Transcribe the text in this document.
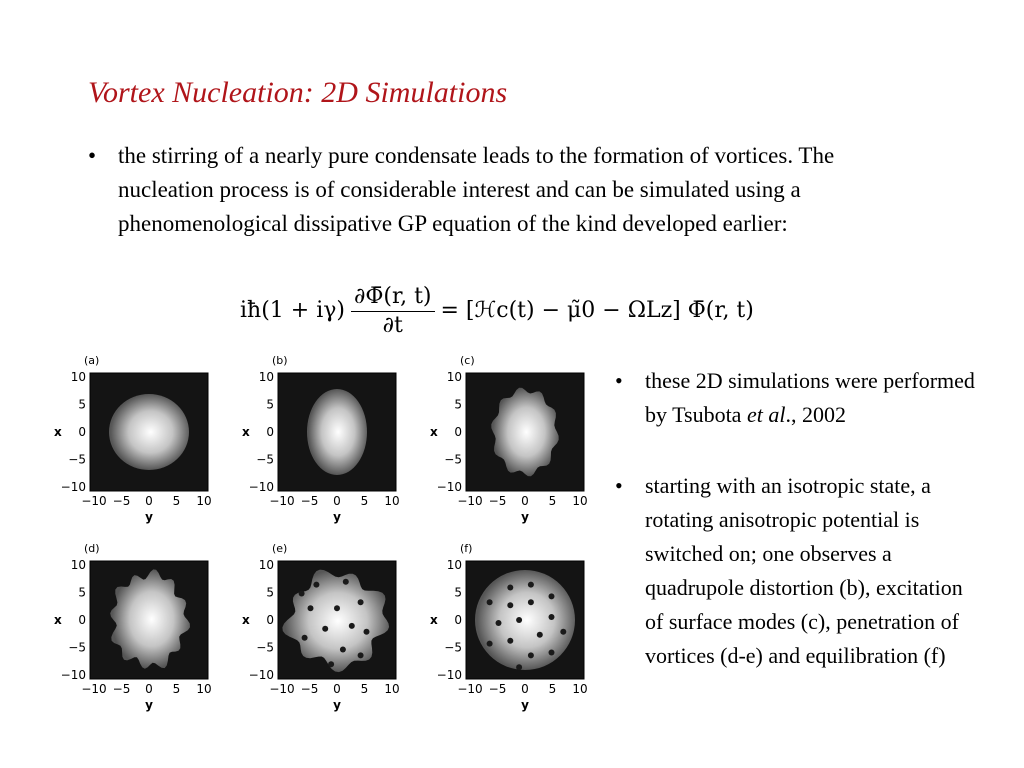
Vortex Nucleation: 2D Simulations
• the stirring of a nearly pure condensate leads to the formation of vortices. The nucleation process is of considerable interest and can be simulated using a phenomenological dissipative GP equation of the kind developed earlier:
iħ(1 + $i\gamma) \frac{\partial\Phī(r, t)}{\partial t}$ = [ℋc(t) − μ̃0 − ΩLz] Φ̄(r, t)
• these 2D simulations were performed by Tsubota et al., 2002
• starting with an isotropic state, a rotating anisotropic potential is switched on; one observes a quadrupole distortion (b), excitation of surface modes (c), penetration of vortices (d-e) and equilibration (f)
(a)
10
5
0
−5
−10
−10 −5 0 5 10
x
y
(b)
10
5
0
−5
−10
−10 −5 0 5 10
x
y
(c)
10
5
0
−5
−10
−10 −5 0 5 10
x
y
(d)
10
5
0
−5
−10
−10 −5 0 5 10
x
y
(e)
10
5
0
−5
−10
−10 −5 0 5 10
x
y
(f)
10
5
0
−5
−10
−10 −5 0 5 10
x
y
